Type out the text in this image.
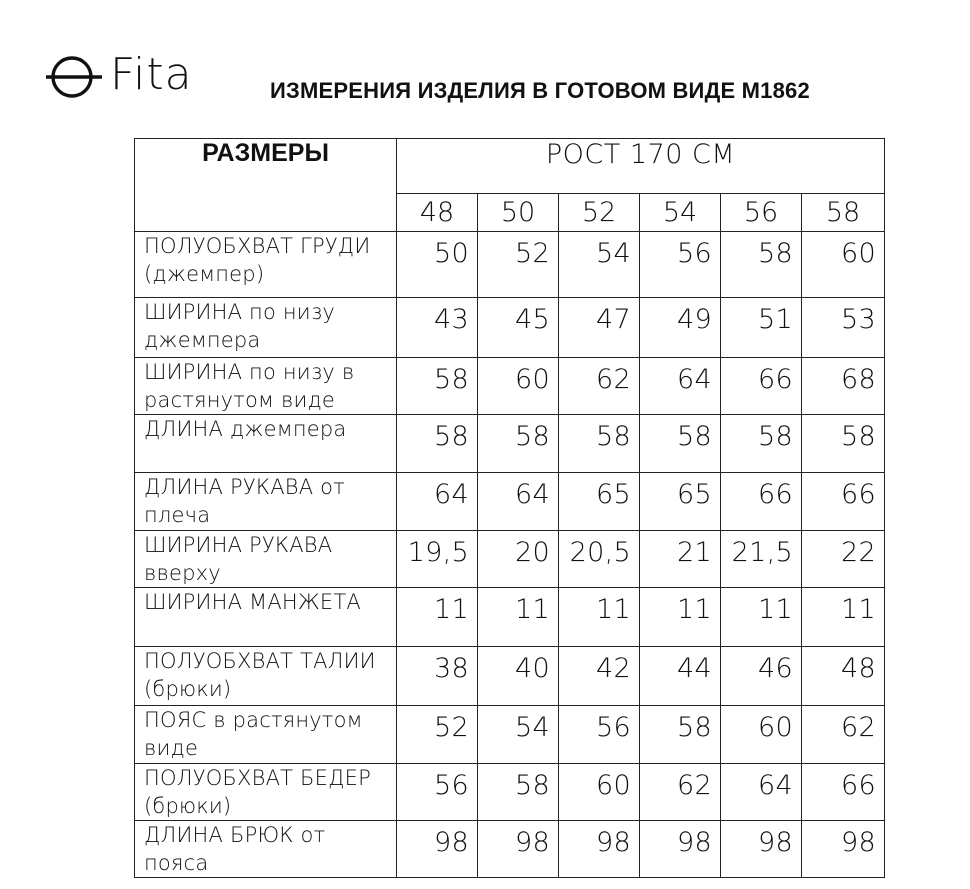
Fita	ИЗМЕРЕНИЯ ИЗДЕЛИЯ В ГОТОВОМ ВИДЕ М1862
РАЗМЕРЫ	РОСТ 170 СМ					
	48	50	52	54	56	58
ПОЛУОБХВАТ ГРУДИ (джемпер)	50	52	54	56	58	60
ШИРИНА по низу джемпера	43	45	47	49	51	53
ШИРИНА по низу в растянутом виде	58	60	62	64	66	68
ДЛИНА джемпера	58	58	58	58	58	58
ДЛИНА РУКАВА от плеча	64	64	65	65	66	66
ШИРИНА РУКАВА вверху	19,5	20	20,5	21	21,5	22
ШИРИНА МАНЖЕТА	11	11	11	11	11	11
ПОЛУОБХВАТ ТАЛИИ (брюки)	38	40	42	44	46	48
ПОЯС в растянутом виде	52	54	56	58	60	62
ПОЛУОБХВАТ БЕДЕР (брюки)	56	58	60	62	64	66
ДЛИНА БРЮК от пояса	98	98	98	98	98	98
